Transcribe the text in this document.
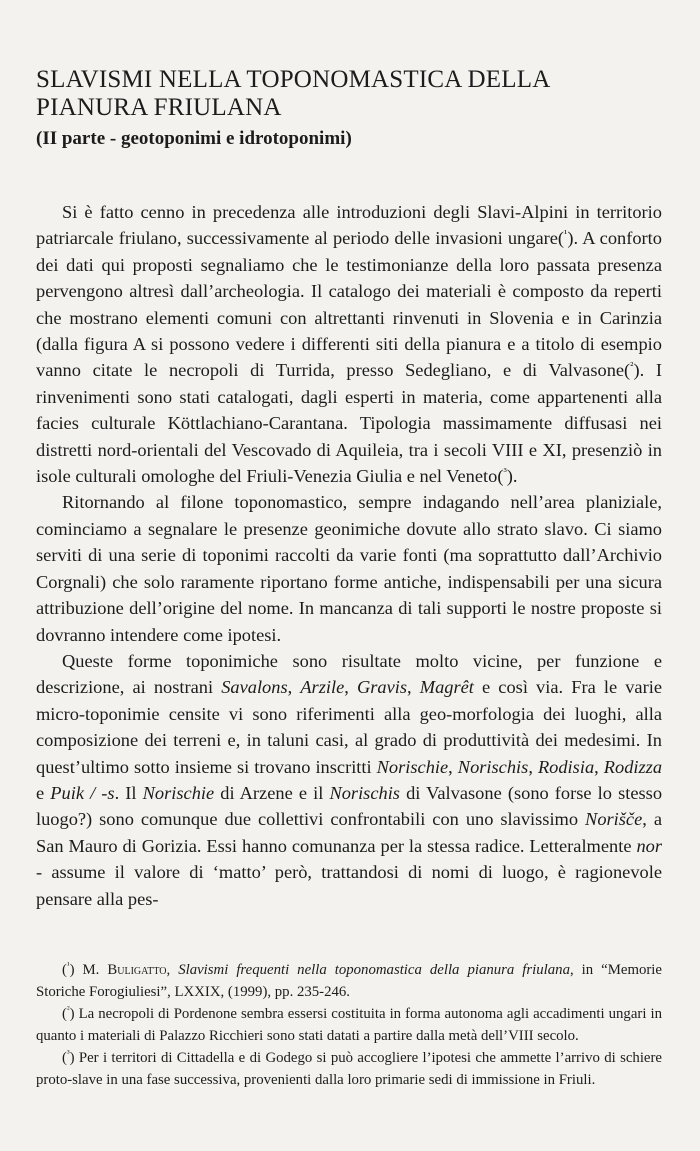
SLAVISMI NELLA TOPONOMASTICA DELLA
PIANURA FRIULANA
(II parte - geotoponimi e idrotoponimi)

Si è fatto cenno in precedenza alle introduzioni degli Slavi-Alpini in territorio patriarcale friulano, successivamente al periodo delle invasioni ungare($^{^1}$). A conforto dei dati qui proposti segnaliamo che le testimonianze della loro passata presenza pervengono altresì dall’archeologia. Il catalogo dei materiali è composto da reperti che mostrano elementi comuni con altrettanti rinvenuti in Slovenia e in Carinzia (dalla figura A si possono vedere i differenti siti della pianura e a titolo di esempio vanno citate le necropoli di Turrida, presso Sedegliano, e di Valvasone($^{^2}$). I rinvenimenti sono stati catalogati, dagli esperti in materia, come appartenenti alla facies culturale Köttlachiano-Carantana. Tipologia massimamente diffusasi nei distretti nord-orientali del Vescovado di Aquileia, tra i secoli VIII e XI, presenziò in isole culturali omologhe del Friuli-Venezia Giulia e nel Veneto($^{^3}$).

Ritornando al filone toponomastico, sempre indagando nell’area planiziale, cominciamo a segnalare le presenze geonimiche dovute allo strato slavo. Ci siamo serviti di una serie di toponimi raccolti da varie fonti (ma soprattutto dall’Archivio Corgnali) che solo raramente riportano forme antiche, indispensabili per una sicura attribuzione dell’origine del nome. In mancanza di tali supporti le nostre proposte si dovranno intendere come ipotesi.

Queste forme toponimiche sono risultate molto vicine, per funzione e descrizione, ai nostrani Savalons, Arzile, Gravis, Magrêt e così via. Fra le varie micro-toponimie censite vi sono riferimenti alla geo-morfologia dei luoghi, alla composizione dei terreni e, in taluni casi, al grado di produttività dei medesimi. In quest’ultimo sotto insieme si trovano inscritti Norischie, Norischis, Rodisia, Rodizza e Puik / -s. Il Norischie di Arzene e il Norischis di Valvasone (sono forse lo stesso luogo?) sono comunque due collettivi confrontabili con uno slavissimo Norišče, a San Mauro di Gorizia. Essi hanno comunanza per la stessa radice. Letteralmente nor - assume il valore di ‘matto’ però, trattandosi di nomi di luogo, è ragionevole pensare alla pes-

($^{^1}$) M. Buligatto, Slavismi frequenti nella toponomastica della pianura friulana, in “Memorie Storiche Forogiuliesi”, LXXIX, (1999), pp. 235-246.

($^{^2}$) La necropoli di Pordenone sembra essersi costituita in forma autonoma agli accadimenti ungari in quanto i materiali di Palazzo Ricchieri sono stati datati a partire dalla metà dell’VIII secolo.

($^{^3}$) Per i territori di Cittadella e di Godego si può accogliere l’ipotesi che ammette l’arrivo di schiere proto-slave in una fase successiva, provenienti dalla loro primarie sedi di immissione in Friuli.
